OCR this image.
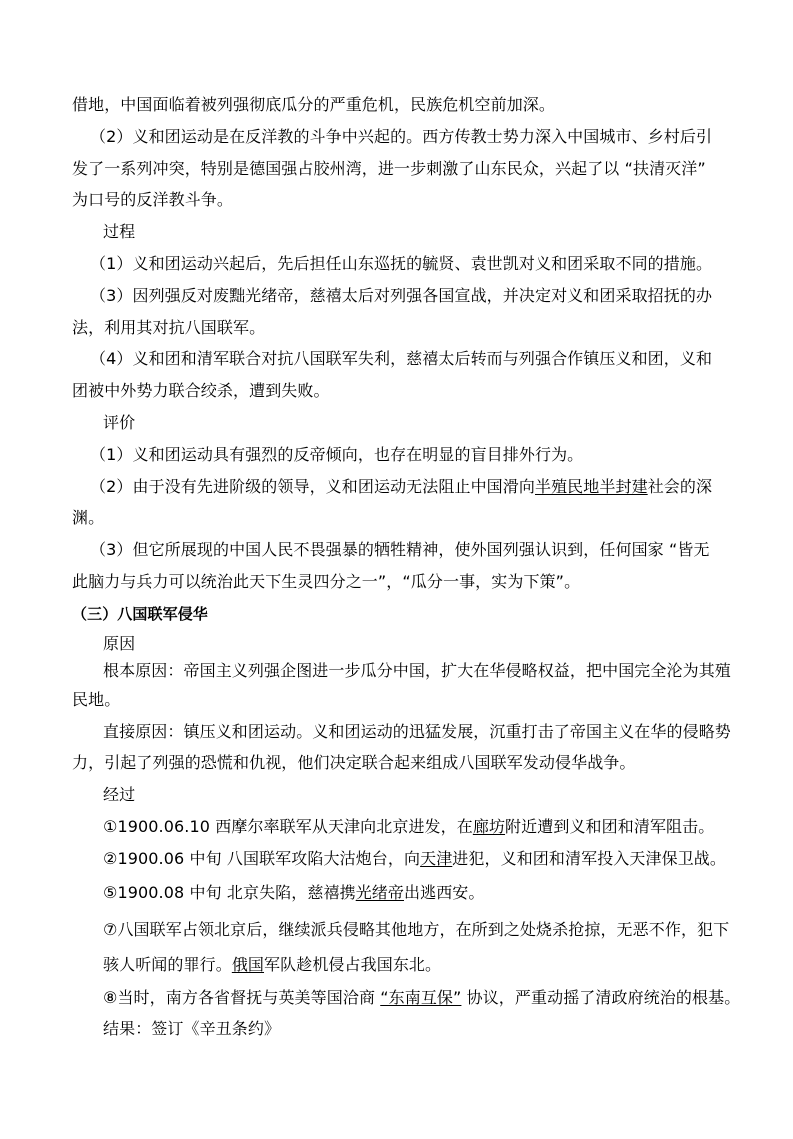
借地，中国面临着被列强彻底瓜分的严重危机，民族危机空前加深。
（2）义和团运动是在反洋教的斗争中兴起的。西方传教士势力深入中国城市、乡村后引
发了一系列冲突，特别是德国强占胶州湾，进一步刺激了山东民众，兴起了以 “扶清灭洋”
为口号的反洋教斗争。
过程
（1）义和团运动兴起后，先后担任山东巡抚的毓贤、袁世凯对义和团采取不同的措施。
（3）因列强反对废黜光绪帝，慈禧太后对列强各国宣战，并决定对义和团采取招抚的办
法，利用其对抗八国联军。
（4）义和团和清军联合对抗八国联军失利，慈禧太后转而与列强合作镇压义和团，义和
团被中外势力联合绞杀，遭到失败。
评价
（1）义和团运动具有强烈的反帝倾向，也存在明显的盲目排外行为。
（2）由于没有先进阶级的领导，义和团运动无法阻止中国滑向半殖民地半封建社会的深
渊。
（3）但它所展现的中国人民不畏强暴的牺牲精神，使外国列强认识到，任何国家 “皆无
此脑力与兵力可以统治此天下生灵四分之一”，“瓜分一事，实为下策”。
（三）八国联军侵华
原因
根本原因：帝国主义列强企图进一步瓜分中国，扩大在华侵略权益，把中国完全沦为其殖
民地。
直接原因：镇压义和团运动。义和团运动的迅猛发展，沉重打击了帝国主义在华的侵略势
力，引起了列强的恐慌和仇视，他们决定联合起来组成八国联军发动侵华战争。
经过
①1900.06.10 西摩尔率联军从天津向北京进发，在廊坊附近遭到义和团和清军阻击。
②1900.06 中旬 八国联军攻陷大沽炮台，向天津进犯，义和团和清军投入天津保卫战。
⑤1900.08 中旬 北京失陷，慈禧携光绪帝出逃西安。
⑦八国联军占领北京后，继续派兵侵略其他地方，在所到之处烧杀抢掠，无恶不作，犯下
骇人听闻的罪行。俄国军队趁机侵占我国东北。
⑧当时，南方各省督抚与英美等国洽商 “东南互保” 协议，严重动摇了清政府统治的根基。
结果：签订《辛丑条约》
